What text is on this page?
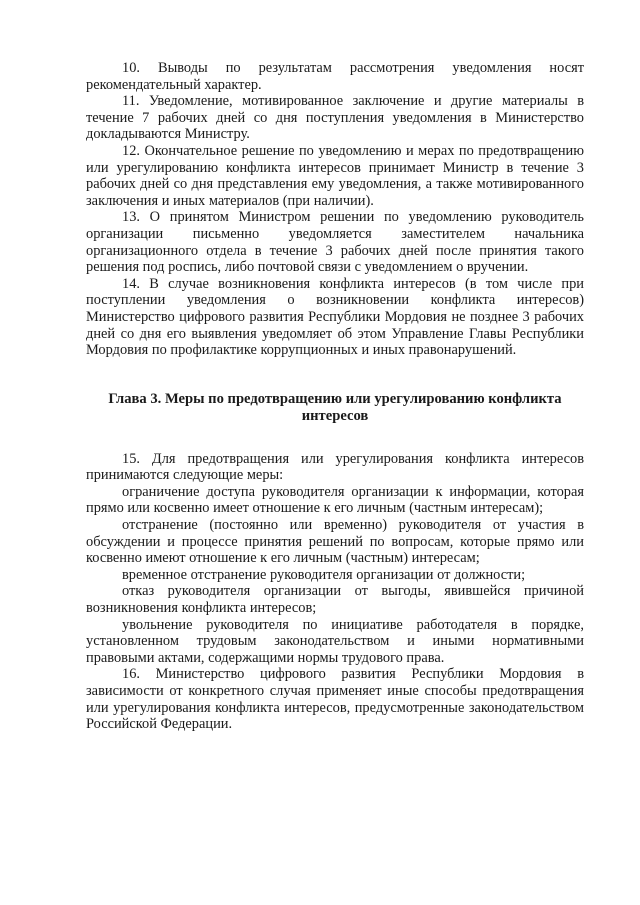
10. Выводы по результатам рассмотрения уведомления носят рекомендательный характер.

11. Уведомление, мотивированное заключение и другие материалы в течение 7 рабочих дней со дня поступления уведомления в Министерство докладываются Министру.

12. Окончательное решение по уведомлению и мерах по предотвращению или урегулированию конфликта интересов принимает Министр в течение 3 рабочих дней со дня представления ему уведомления, а также мотивированного заключения и иных материалов (при наличии).

13. О принятом Министром решении по уведомлению руководитель организации письменно уведомляется заместителем начальника организационного отдела в течение 3 рабочих дней после принятия такого решения под роспись, либо почтовой связи с уведомлением о вручении.

14. В случае возникновения конфликта интересов (в том числе при поступлении уведомления о возникновении конфликта интересов) Министерство цифрового развития Республики Мордовия не позднее 3 рабочих дней со дня его выявления уведомляет об этом Управление Главы Республики Мордовия по профилактике коррупционных и иных правонарушений.

Глава 3. Меры по предотвращению или урегулированию конфликта интересов

15. Для предотвращения или урегулирования конфликта интересов принимаются следующие меры:

ограничение доступа руководителя организации к информации, которая прямо или косвенно имеет отношение к его личным (частным интересам);

отстранение (постоянно или временно) руководителя от участия в обсуждении и процессе принятия решений по вопросам, которые прямо или косвенно имеют отношение к его личным (частным) интересам;

временное отстранение руководителя организации от должности;

отказ руководителя организации от выгоды, явившейся причиной возникновения конфликта интересов;

увольнение руководителя по инициативе работодателя в порядке, установленном трудовым законодательством и иными нормативными правовыми актами, содержащими нормы трудового права.

16. Министерство цифрового развития Республики Мордовия в зависимости от конкретного случая применяет иные способы предотвращения или урегулирования конфликта интересов, предусмотренные законодательством Российской Федерации.
